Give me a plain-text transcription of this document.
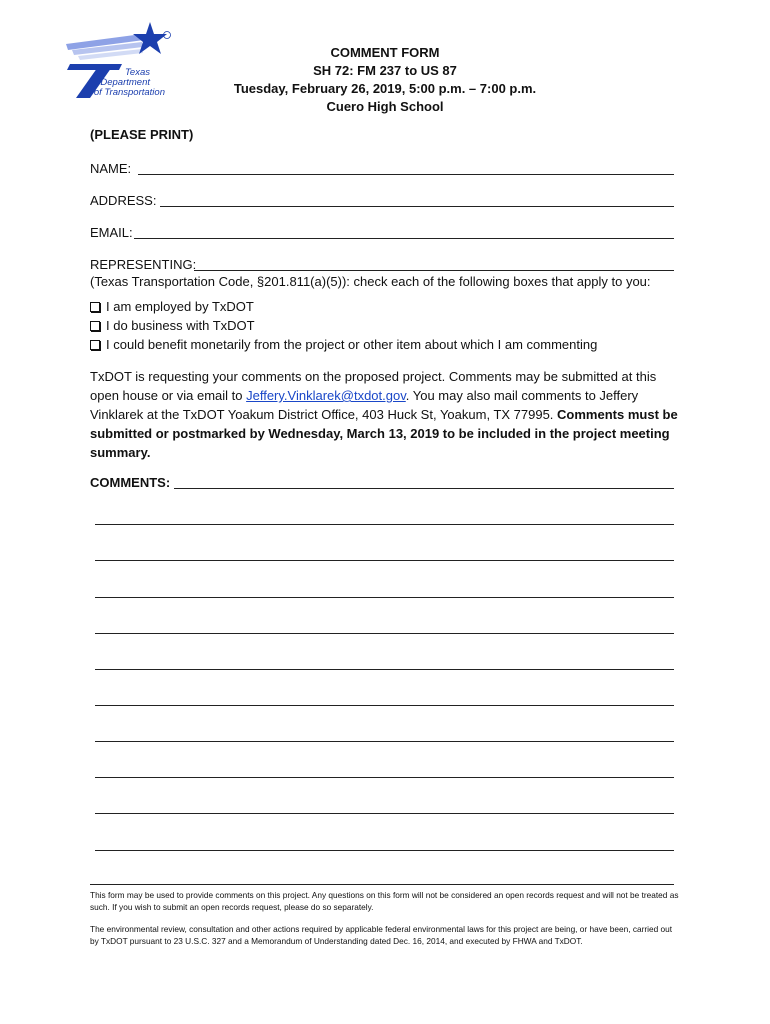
Texas
Department
of Transportation
COMMENT FORM
SH 72: FM 237 to US 87
Tuesday, February 26, 2019, 5:00 p.m. – 7:00 p.m.
Cuero High School
(PLEASE PRINT)
NAME:
ADDRESS:
EMAIL:
REPRESENTING:
(Texas Transportation Code, §201.811(a)(5)): check each of the following boxes that apply to you:
I am employed by TxDOT
I do business with TxDOT
I could benefit monetarily from the project or other item about which I am commenting
TxDOT is requesting your comments on the proposed project. Comments may be submitted at this open house or via email to Jeffery.Vinklarek@txdot.gov. You may also mail comments to Jeffery Vinklarek at the TxDOT Yoakum District Office, 403 Huck St, Yoakum, TX 77995. Comments must be submitted or postmarked by Wednesday, March 13, 2019 to be included in the project meeting summary.
COMMENTS:
This form may be used to provide comments on this project. Any questions on this form will not be considered an open records request and will not be treated as such. If you wish to submit an open records request, please do so separately.
The environmental review, consultation and other actions required by applicable federal environmental laws for this project are being, or have been, carried out by TxDOT pursuant to 23 U.S.C. 327 and a Memorandum of Understanding dated Dec. 16, 2014, and executed by FHWA and TxDOT.
